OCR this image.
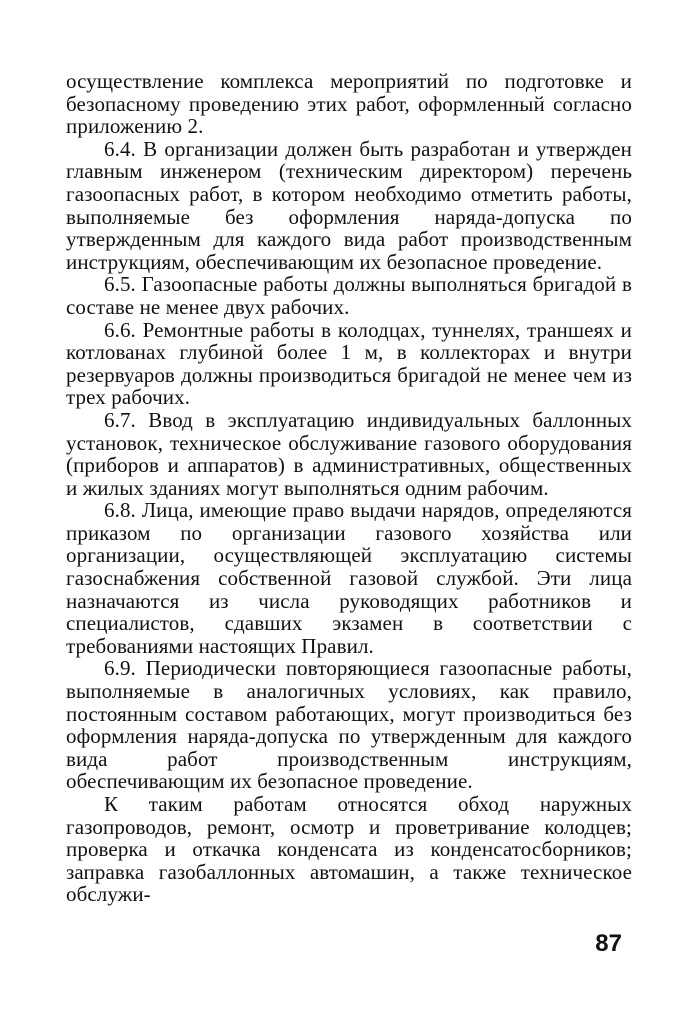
осуществление комплекса мероприятий по подготовке и безопасному проведению этих работ, оформленный согласно приложению 2.

6.4. В организации должен быть разработан и утвержден главным инженером (техническим директором) перечень газоопасных работ, в котором необходимо отметить работы, выполняемые без оформления наряда-допуска по утвержденным для каждого вида работ производственным инструкциям, обеспечивающим их безопасное проведение.

6.5. Газоопасные работы должны выполняться бригадой в составе не менее двух рабочих.

6.6. Ремонтные работы в колодцах, туннелях, траншеях и котлованах глубиной более 1 м, в коллекторах и внутри резервуаров должны производиться бригадой не менее чем из трех рабочих.

6.7. Ввод в эксплуатацию индивидуальных баллонных установок, техническое обслуживание газового оборудования (приборов и аппаратов) в административных, общественных и жилых зданиях могут выполняться одним рабочим.

6.8. Лица, имеющие право выдачи нарядов, определяются приказом по организации газового хозяйства или организации, осуществляющей эксплуатацию системы газоснабжения собственной газовой службой. Эти лица назначаются из числа руководящих работников и специалистов, сдавших экзамен в соответствии с требованиями настоящих Правил.

6.9. Периодически повторяющиеся газоопасные работы, выполняемые в аналогичных условиях, как правило, постоянным составом работающих, могут производиться без оформления наряда-допуска по утвержденным для каждого вида работ производственным инструкциям, обеспечивающим их безопасное проведение.

К таким работам относятся обход наружных газопроводов, ремонт, осмотр и проветривание колодцев; проверка и откачка конденсата из конденсатосборников; заправка газобаллонных автомашин, а также техническое обслужи-

87
